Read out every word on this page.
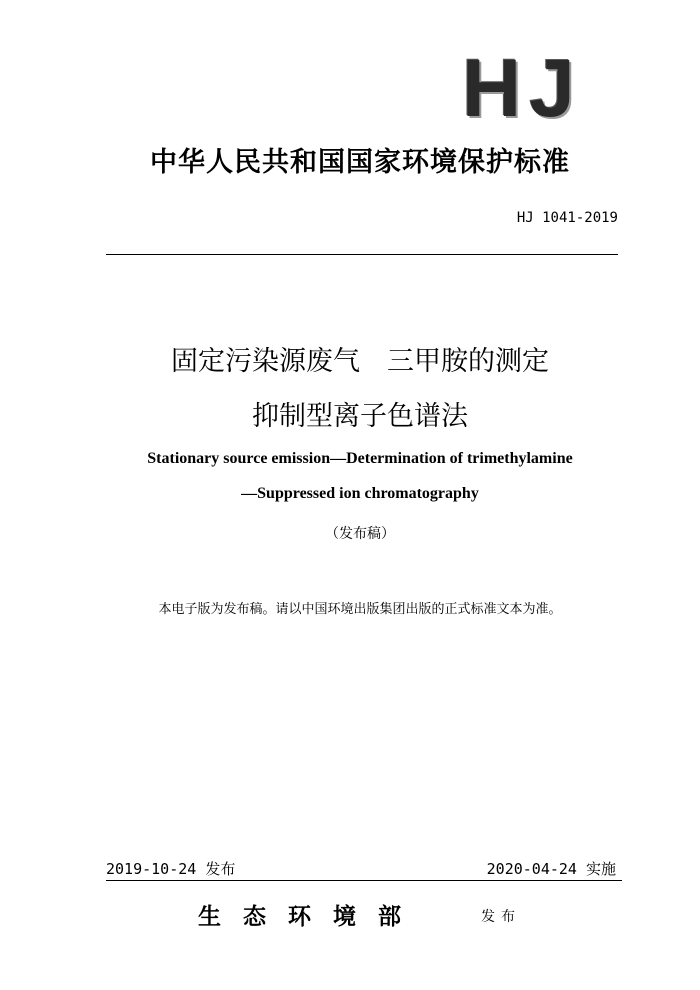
HJ
中华人民共和国国家环境保护标准
HJ 1041-2019
固定污染源废气　三甲胺的测定
抑制型离子色谱法
Stationary source emission—Determination of trimethylamine
—Suppressed ion chromatography
（发布稿）
本电子版为发布稿。请以中国环境出版集团出版的正式标准文本为准。
2019-10-24 发布	2020-04-24 实施
生态环境部	发布
